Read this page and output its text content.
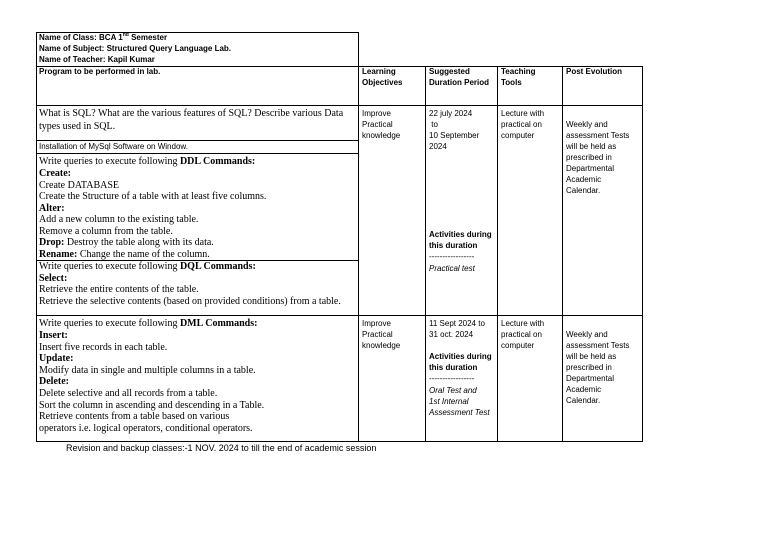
Name of Class: BCA 1nd Semester
Name of Subject: Structured Query Language Lab.
Name of Teacher: Kapil Kumar
Program to be performed in lab.	Learning
Objectives
Suggested
Duration Period
Teaching
Tools
Post Evolution
What is SQL? What are the various features of SQL? Describe various Data
types used in SQL.
Installation of MySql Software on Window.
Write queries to execute following DDL Commands:
Create:
Create DATABASE
Create the Structure of a table with at least five columns.
Alter:
Add a new column to the existing table.
Remove a column from the table.
Drop: Destroy the table along with its data.
Rename: Change the name of the column.
Write queries to execute following DQL Commands:
Select:
Retrieve the entire contents of the table.
Retrieve the selective contents (based on provided conditions) from a table.
Improve
Practical
knowledge
22 july 2024
to
10 September
2024
Activities during
this duration
-----------------
Practical test
Lecture with
practical on
computer
Weekly and
assessment Tests
will be held as
prescribed in
Departmental
Academic
Calendar.
Write queries to execute following DML Commands:
Insert:
Insert five records in each table.
Update:
Modify data in single and multiple columns in a table.
Delete:
Delete selective and all records from a table.
Sort the column in ascending and descending in a Table.
Retrieve contents from a table based on various
operators i.e. logical operators, conditional operators.
Improve
Practical
knowledge
11 Sept 2024 to
31 oct. 2024
Activities during
this duration
-----------------
Oral Test and
1st Internal
Assessment Test
Lecture with
practical on
computer
Weekly and
assessment Tests
will be held as
prescribed in
Departmental
Academic
Calendar.
Revision and backup classes:-1 NOV. 2024 to till the end of academic session
